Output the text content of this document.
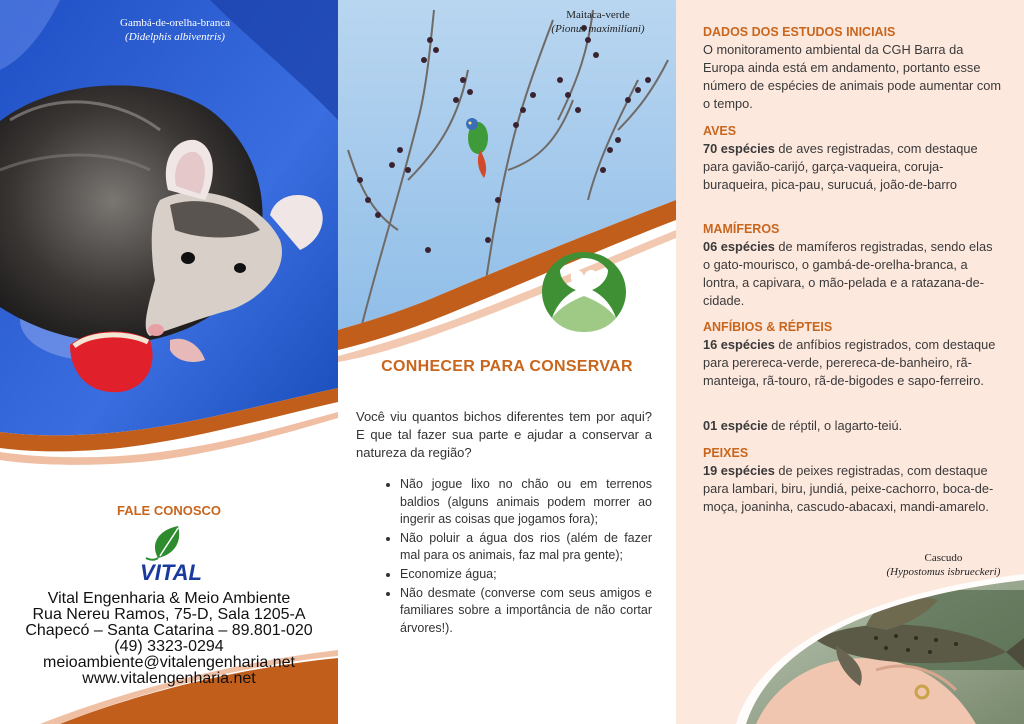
Gambá-de-orelha-branca
(Didelphis albiventris)
FALE CONOSCO
VITAL
Vital Engenharia & Meio Ambiente
Rua Nereu Ramos, 75-D, Sala 1205-A
Chapecó – Santa Catarina – 89.801-020
(49) 3323-0294
meioambiente@vitalengenharia.net
www.vitalengenharia.net
Maitaca-verde
(Pionus maximiliani)
CONHECER PARA CONSERVAR
Você viu quantos bichos diferentes tem por aqui? E que tal fazer sua parte e ajudar a conservar a natureza da região?
• Não jogue lixo no chão ou em terrenos baldios (alguns animais podem morrer ao ingerir as coisas que jogamos fora);
• Não poluir a água dos rios (além de fazer mal para os animais, faz mal pra gente);
• Economize água;
• Não desmate (converse com seus amigos e familiares sobre a importância de não cortar árvores!).
DADOS DOS ESTUDOS INICIAIS
O monitoramento ambiental da CGH Barra da Europa ainda está em andamento, portanto esse número de espécies de animais pode aumentar com o tempo.
AVES
70 espécies de aves registradas, com destaque para gavião-carijó, garça-vaqueira, coruja-buraqueira, pica-pau, surucuá, joão-de-barro
MAMÍFEROS
06 espécies de mamíferos registradas, sendo elas o gato-mourisco, o gambá-de-orelha-branca, a lontra, a capivara, o mão-pelada e a ratazana-de-cidade.
ANFÍBIOS & RÉPTEIS
16 espécies de anfíbios registrados, com destaque para perereca-verde, perereca-de-banheiro, rã-manteiga, rã-touro, rã-de-bigodes e sapo-ferreiro.
01 espécie de réptil, o lagarto-teiú.
PEIXES
19 espécies de peixes registradas, com destaque para lambari, biru, jundiá, peixe-cachorro, boca-de-moça, joaninha, cascudo-abacaxi, mandi-amarelo.
Cascudo
(Hypostomus isbrueckeri)
